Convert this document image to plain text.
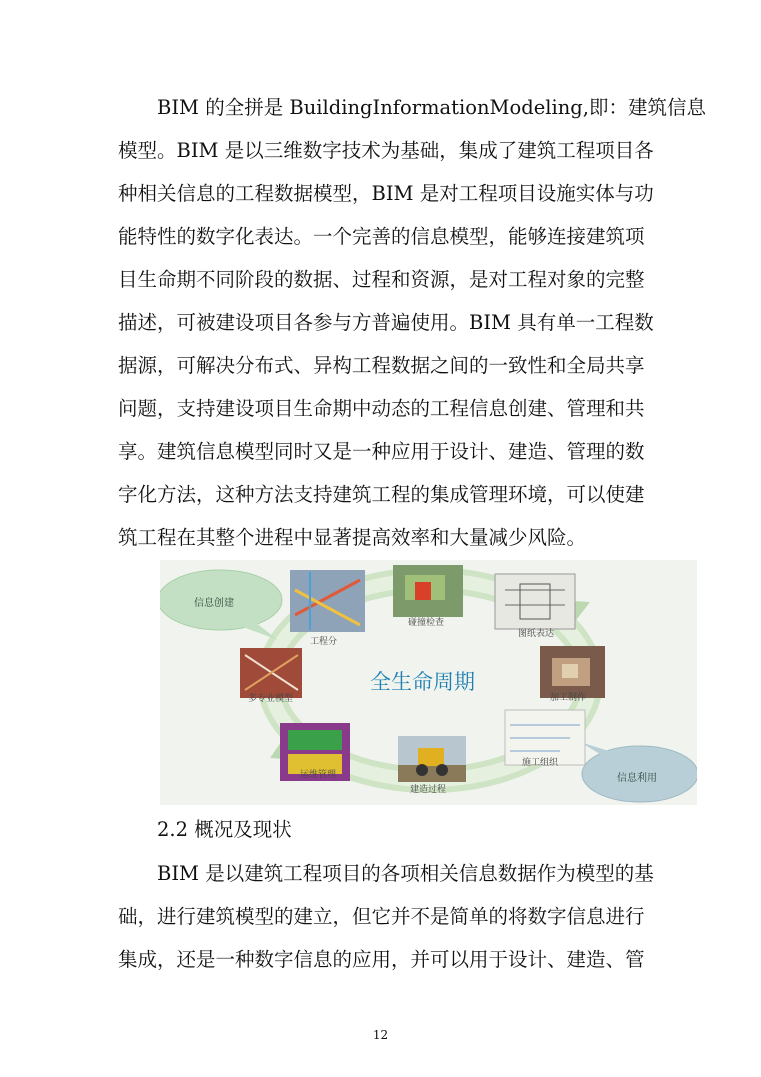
BIM 的全拼是 BuildingInformationModeling,即：建筑信息
模型。BIM 是以三维数字技术为基础，集成了建筑工程项目各
种相关信息的工程数据模型，BIM 是对工程项目设施实体与功
能特性的数字化表达。一个完善的信息模型，能够连接建筑项
目生命期不同阶段的数据、过程和资源，是对工程对象的完整
描述，可被建设项目各参与方普遍使用。BIM 具有单一工程数
据源，可解决分布式、异构工程数据之间的一致性和全局共享
问题，支持建设项目生命期中动态的工程信息创建、管理和共
享。建筑信息模型同时又是一种应用于设计、建造、管理的数
字化方法，这种方法支持建筑工程的集成管理环境，可以使建
筑工程在其整个进程中显著提高效率和大量减少风险。
全生命周期
信息创建
信息利用
工程分
碰撞检查
图纸表达
加工制作
施工组织
建造过程
运维管理
多专业模型

2.2 概况及现状

BIM 是以建筑工程项目的各项相关信息数据作为模型的基
础，进行建筑模型的建立，但它并不是简单的将数字信息进行
集成，还是一种数字信息的应用，并可以用于设计、建造、管
12
